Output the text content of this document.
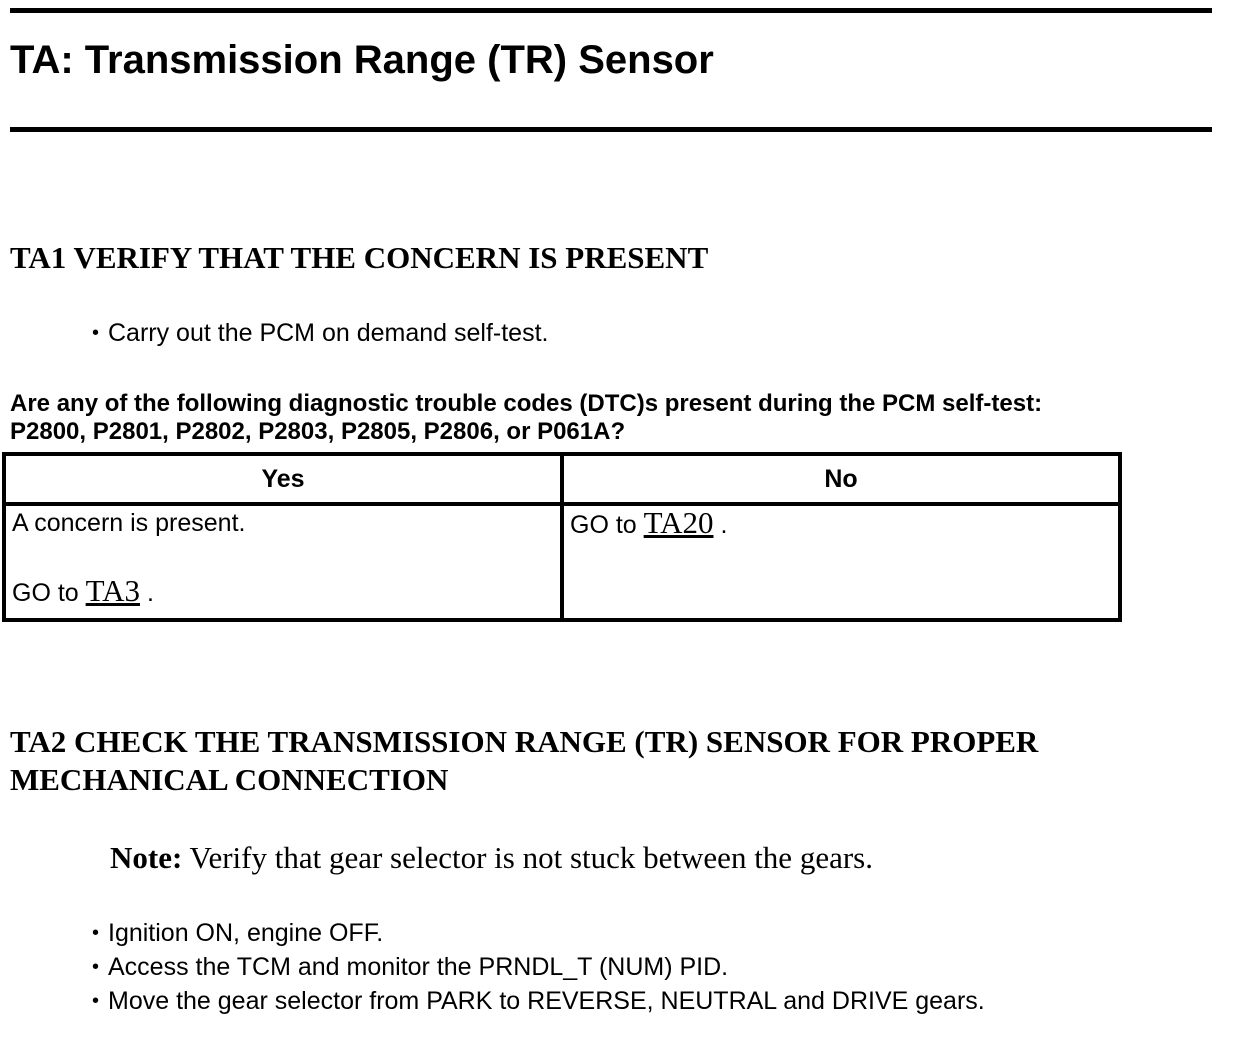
TA: Transmission Range (TR) Sensor
TA1 VERIFY THAT THE CONCERN IS PRESENT
• Carry out the PCM on demand self-test.

Are any of the following diagnostic trouble codes (DTC)s present during the PCM self-test:
P2800, P2801, P2802, P2803, P2805, P2806, or P061A?

Yes	No

A concern is present.
GO to TA3 .	GO to TA20 .
TA2 CHECK THE TRANSMISSION RANGE (TR) SENSOR FOR PROPER MECHANICAL CONNECTION

Note: Verify that gear selector is not stuck between the gears.

• Ignition ON, engine OFF.
• Access the TCM and monitor the PRNDL_T (NUM) PID.
• Move the gear selector from PARK to REVERSE, NEUTRAL and DRIVE gears.
